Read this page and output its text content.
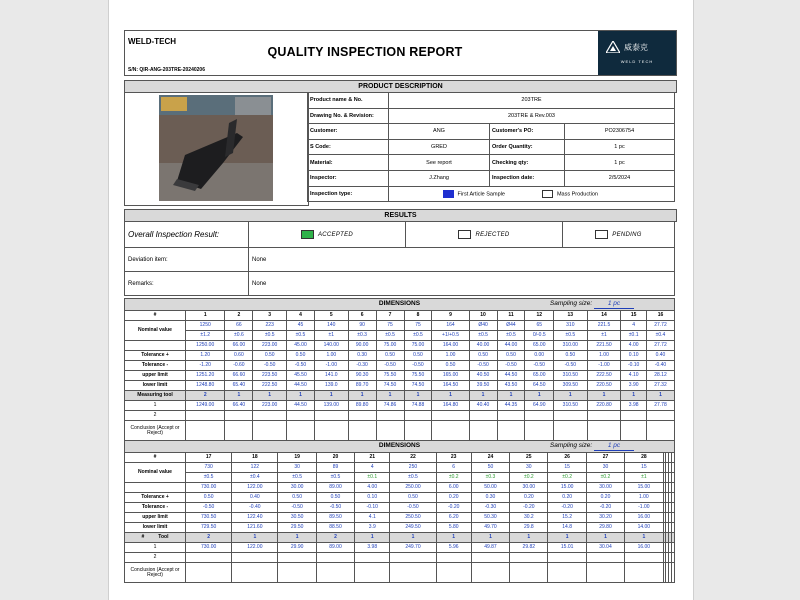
WELD-TECH
QUALITY INSPECTION REPORT
S/N: QIR-ANG-203TRE-20240206
威泰克
WELD TECH
PRODUCT DESCRIPTION
Product name & No.	203TRE		
Drawing No. & Revision:	203TRE & Rev.003		
Customer:	ANG	Customer's PO:	PO2306754
S Code:	GRED	Order Quantity:	1 pc
Material:	See report	Checking qty:	1 pc
Inspector:	J.Zhang	Inspection date:	2/5/2024
Inspection type:	First Article Sample Mass Production		
RESULTS
Overall Inspection Result:	ACCEPTED	REJECTED	PENDING
Deviation item:	None		
Remarks:	None		
DIMENSIONS Sampling size: 1 pc																

#	1	2	3	4	5	6	7	8	9	10	11	12	13	14	15	16
Nominal value	1250	66	223	45	140	90	75	75	164	Ø40	Ø44	65	310	221.5	4	27.72
	±1.2	±0.6	±0.5	±0.5	±1	±0.3	±0.5	±0.5	+1/+0.5	±0.5	±0.5	0/-0.5	±0.5	±1	±0.1	±0.4
	1250.00	66.00	223.00	45.00	140.00	90.00	75.00	75.00	164.00	40.00	44.00	65.00	310.00	221.50	4.00	27.72
Tolerance +	1.20	0.60	0.50	0.50	1.00	0.30	0.50	0.50	1.00	0.50	0.50	0.00	0.50	1.00	0.10	0.40
Tolerance -	-1.20	-0.60	-0.50	-0.50	-1.00	-0.30	-0.50	-0.50	0.50	-0.50	-0.50	-0.50	-0.50	-1.00	-0.10	-0.40
upper limit	1251.20	66.60	223.50	45.50	141.0	90.30	75.50	75.50	165.00	40.50	44.50	65.00	310.50	222.50	4.10	28.12
lower limit	1248.80	65.40	222.50	44.50	139.0	89.70	74.50	74.50	164.50	39.50	43.50	64.50	309.50	220.50	3.90	27.32
Measuring tool	2	1	1	1	1	1	1	1	1	1	1	1	1	1	1	1
1	1249.00	66.40	223.00	44.50	139.00	89.80	74.86	74.88	164.80	40.40	44.35	64.90	310.50	220.80	3.98	27.78
2																
Conclusion (Accept or Reject)																
DIMENSIONS Sampling size: 1 pc																

#	17	18	19	20	21	22	23	24	25	26	27	28				
Nominal value	730	122	30	89	4	250	6	50	30	15	30	15				
	±0.5	±0.4	±0.5	±0.5	±0.1	±0.5	±0.2	±0.3	±0.2	±0.2	±0.2	±1				
	730.00	122.00	30.00	89.00	4.00	250.00	6.00	50.00	30.00	15.00	30.00	15.00				
Tolerance +	0.50	0.40	0.50	0.50	0.10	0.50	0.20	0.30	0.20	0.20	0.20	1.00				
Tolerance -	-0.50	-0.40	-0.50	-0.50	-0.10	-0.50	-0.20	-0.30	-0.20	-0.20	-0.20	-1.00				
upper limit	730.50	122.40	30.50	89.50	4.1	250.50	6.20	50.30	30.2	15.2	30.20	16.00				
lower limit	729.50	121.60	29.50	88.50	3.9	249.50	5.80	49.70	29.8	14.8	29.80	14.00				
# Tool	2	1	1	2	1	1	1	1	1	1	1	1				
1	730.00	122.00	29.90	89.00	3.98	249.70	5.96	49.87	29.82	15.01	30.04	16.00				
2																
Conclusion (Accept or Reject)																
